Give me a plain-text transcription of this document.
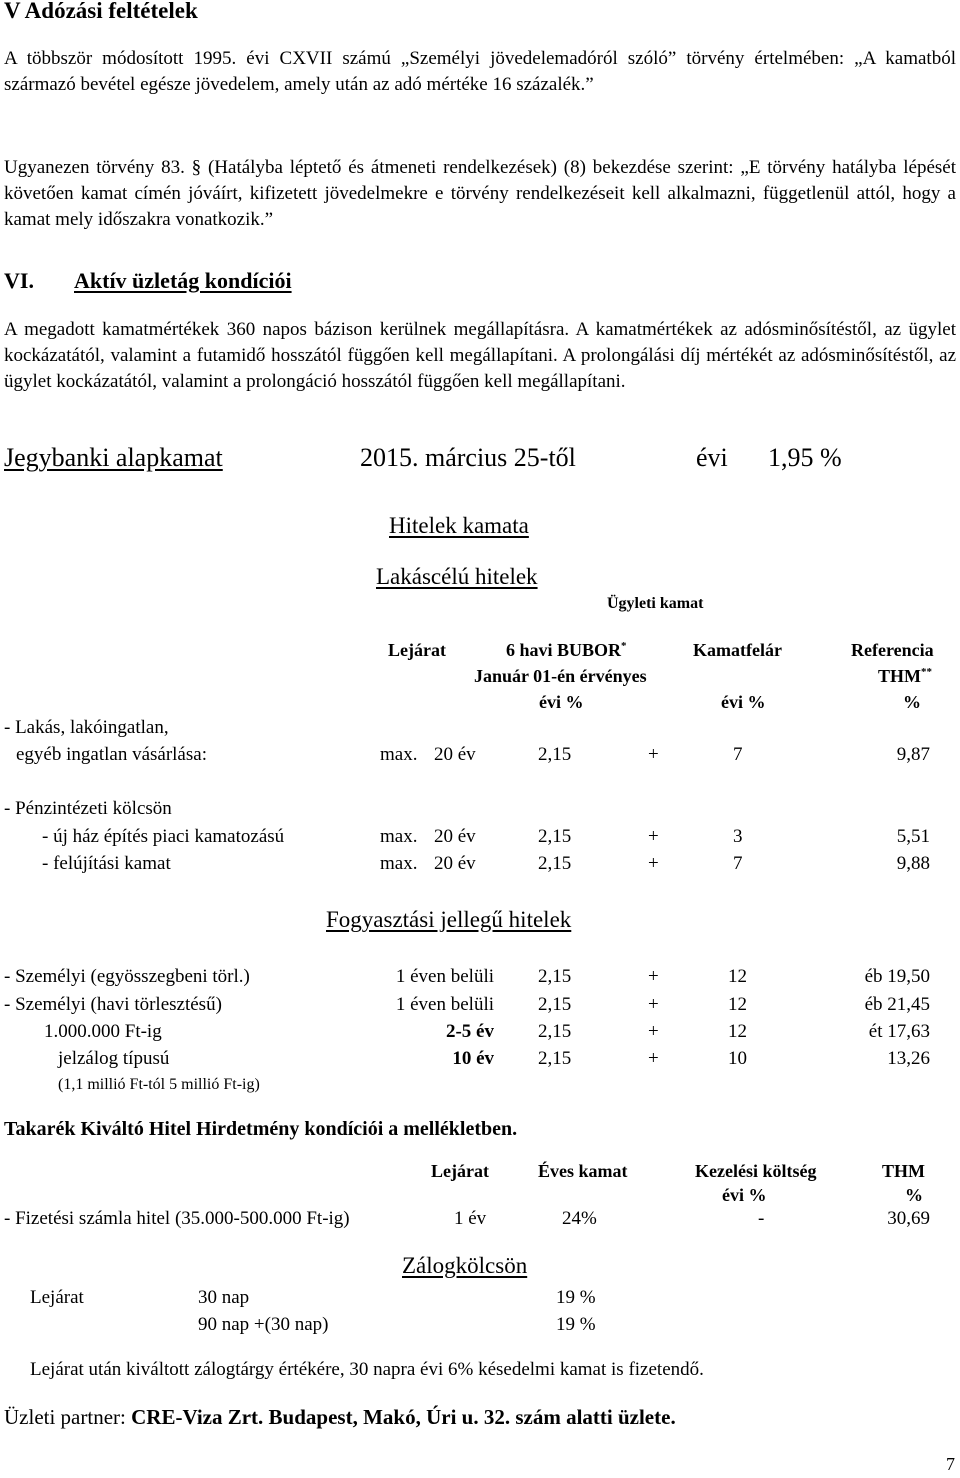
V Adózási feltételek
A többször módosított 1995. évi CXVII számú „Személyi jövedelemadóról szóló” törvény értelmében: „A kamatból származó bevétel egésze jövedelem, amely után az adó mértéke 16 százalék.”
Ugyanezen törvény 83. § (Hatályba léptető és átmeneti rendelkezések) (8) bekezdése szerint: „E törvény hatályba lépését követően kamat címén jóváírt, kifizetett jövedelmekre e törvény rendelkezéseit kell alkalmazni, függetlenül attól, hogy a kamat mely időszakra vonatkozik.”
VI. Aktív üzletág kondíciói
A megadott kamatmértékek 360 napos bázison kerülnek megállapításra. A kamatmértékek az adósminősítéstől, az ügylet kockázatától, valamint a futamidő hosszától függően kell megállapítani. A prolongálási díj mértékét az adósminősítéstől, az ügylet kockázatától, valamint a prolongáció hosszától függően kell megállapítani.
Jegybanki alapkamat	2015. március 25-től	évi 1,95 %
Hitelek kamata
Lakáscélú hitelek
Ügyleti kamat
Lejárat	6 havi BUBOR*	Kamatfelár	Referencia
Január 01-én érvényes	THM**
évi %	évi %	%
- Lakás, lakóingatlan,
egyéb ingatlan vásárlása:	max. 20 év	2,15	+	7	9,87
- Pénzintézeti kölcsön
- új ház építés piaci kamatozású	max. 20 év	2,15	+	3	5,51
- felújítási kamat	max. 20 év	2,15	+	7	9,88
Fogyasztási jellegű hitelek
- Személyi (egyösszegbeni törl.)	1 éven belüli 2,15	+	12	éb 19,50
- Személyi (havi törlesztésű)	1 éven belüli 2,15	+	12	éb 21,45
1.000.000 Ft-ig	2-5 év 2,15	+	12	ét 17,63
jelzálog típusú	10 év 2,15	+	10	13,26
(1,1 millió Ft-tól 5 millió Ft-ig)
Takarék Kiváltó Hitel Hirdetmény kondíciói a mellékletben.
Lejárat	Éves kamat	Kezelési költség	THM
évi %	%
- Fizetési számla hitel (35.000-500.000 Ft-ig)	1 év	24%	-	30,69
Zálogkölcsön
Lejárat	30 nap	19 %
90 nap +(30 nap)	19 %
Lejárat után kiváltott zálogtárgy értékére, 30 napra évi 6% késedelmi kamat is fizetendő.
Üzleti partner: CRE-Viza Zrt. Budapest, Makó, Úri u. 32. szám alatti üzlete.
7
